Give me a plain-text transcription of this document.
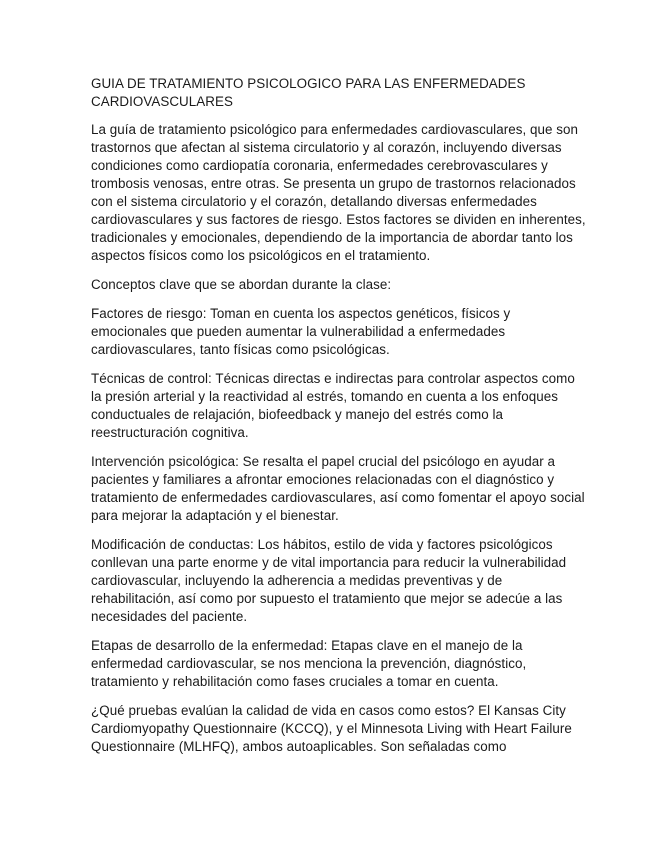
GUIA DE TRATAMIENTO PSICOLOGICO PARA LAS ENFERMEDADES
CARDIOVASCULARES

La guía de tratamiento psicológico para enfermedades cardiovasculares, que son
trastornos que afectan al sistema circulatorio y al corazón, incluyendo diversas
condiciones como cardiopatía coronaria, enfermedades cerebrovasculares y
trombosis venosas, entre otras. Se presenta un grupo de trastornos relacionados
con el sistema circulatorio y el corazón, detallando diversas enfermedades
cardiovasculares y sus factores de riesgo. Estos factores se dividen en inherentes,
tradicionales y emocionales, dependiendo de la importancia de abordar tanto los
aspectos físicos como los psicológicos en el tratamiento.

Conceptos clave que se abordan durante la clase:

Factores de riesgo: Toman en cuenta los aspectos genéticos, físicos y
emocionales que pueden aumentar la vulnerabilidad a enfermedades
cardiovasculares, tanto físicas como psicológicas.

Técnicas de control: Técnicas directas e indirectas para controlar aspectos como
la presión arterial y la reactividad al estrés, tomando en cuenta a los enfoques
conductuales de relajación, biofeedback y manejo del estrés como la
reestructuración cognitiva.

Intervención psicológica: Se resalta el papel crucial del psicólogo en ayudar a
pacientes y familiares a afrontar emociones relacionadas con el diagnóstico y
tratamiento de enfermedades cardiovasculares, así como fomentar el apoyo social
para mejorar la adaptación y el bienestar.

Modificación de conductas: Los hábitos, estilo de vida y factores psicológicos
conllevan una parte enorme y de vital importancia para reducir la vulnerabilidad
cardiovascular, incluyendo la adherencia a medidas preventivas y de
rehabilitación, así como por supuesto el tratamiento que mejor se adecúe a las
necesidades del paciente.

Etapas de desarrollo de la enfermedad: Etapas clave en el manejo de la
enfermedad cardiovascular, se nos menciona la prevención, diagnóstico,
tratamiento y rehabilitación como fases cruciales a tomar en cuenta.

¿Qué pruebas evalúan la calidad de vida en casos como estos? El Kansas City
Cardiomyopathy Questionnaire (KCCQ), y el Minnesota Living with Heart Failure
Questionnaire (MLHFQ), ambos autoaplicables. Son señaladas como
